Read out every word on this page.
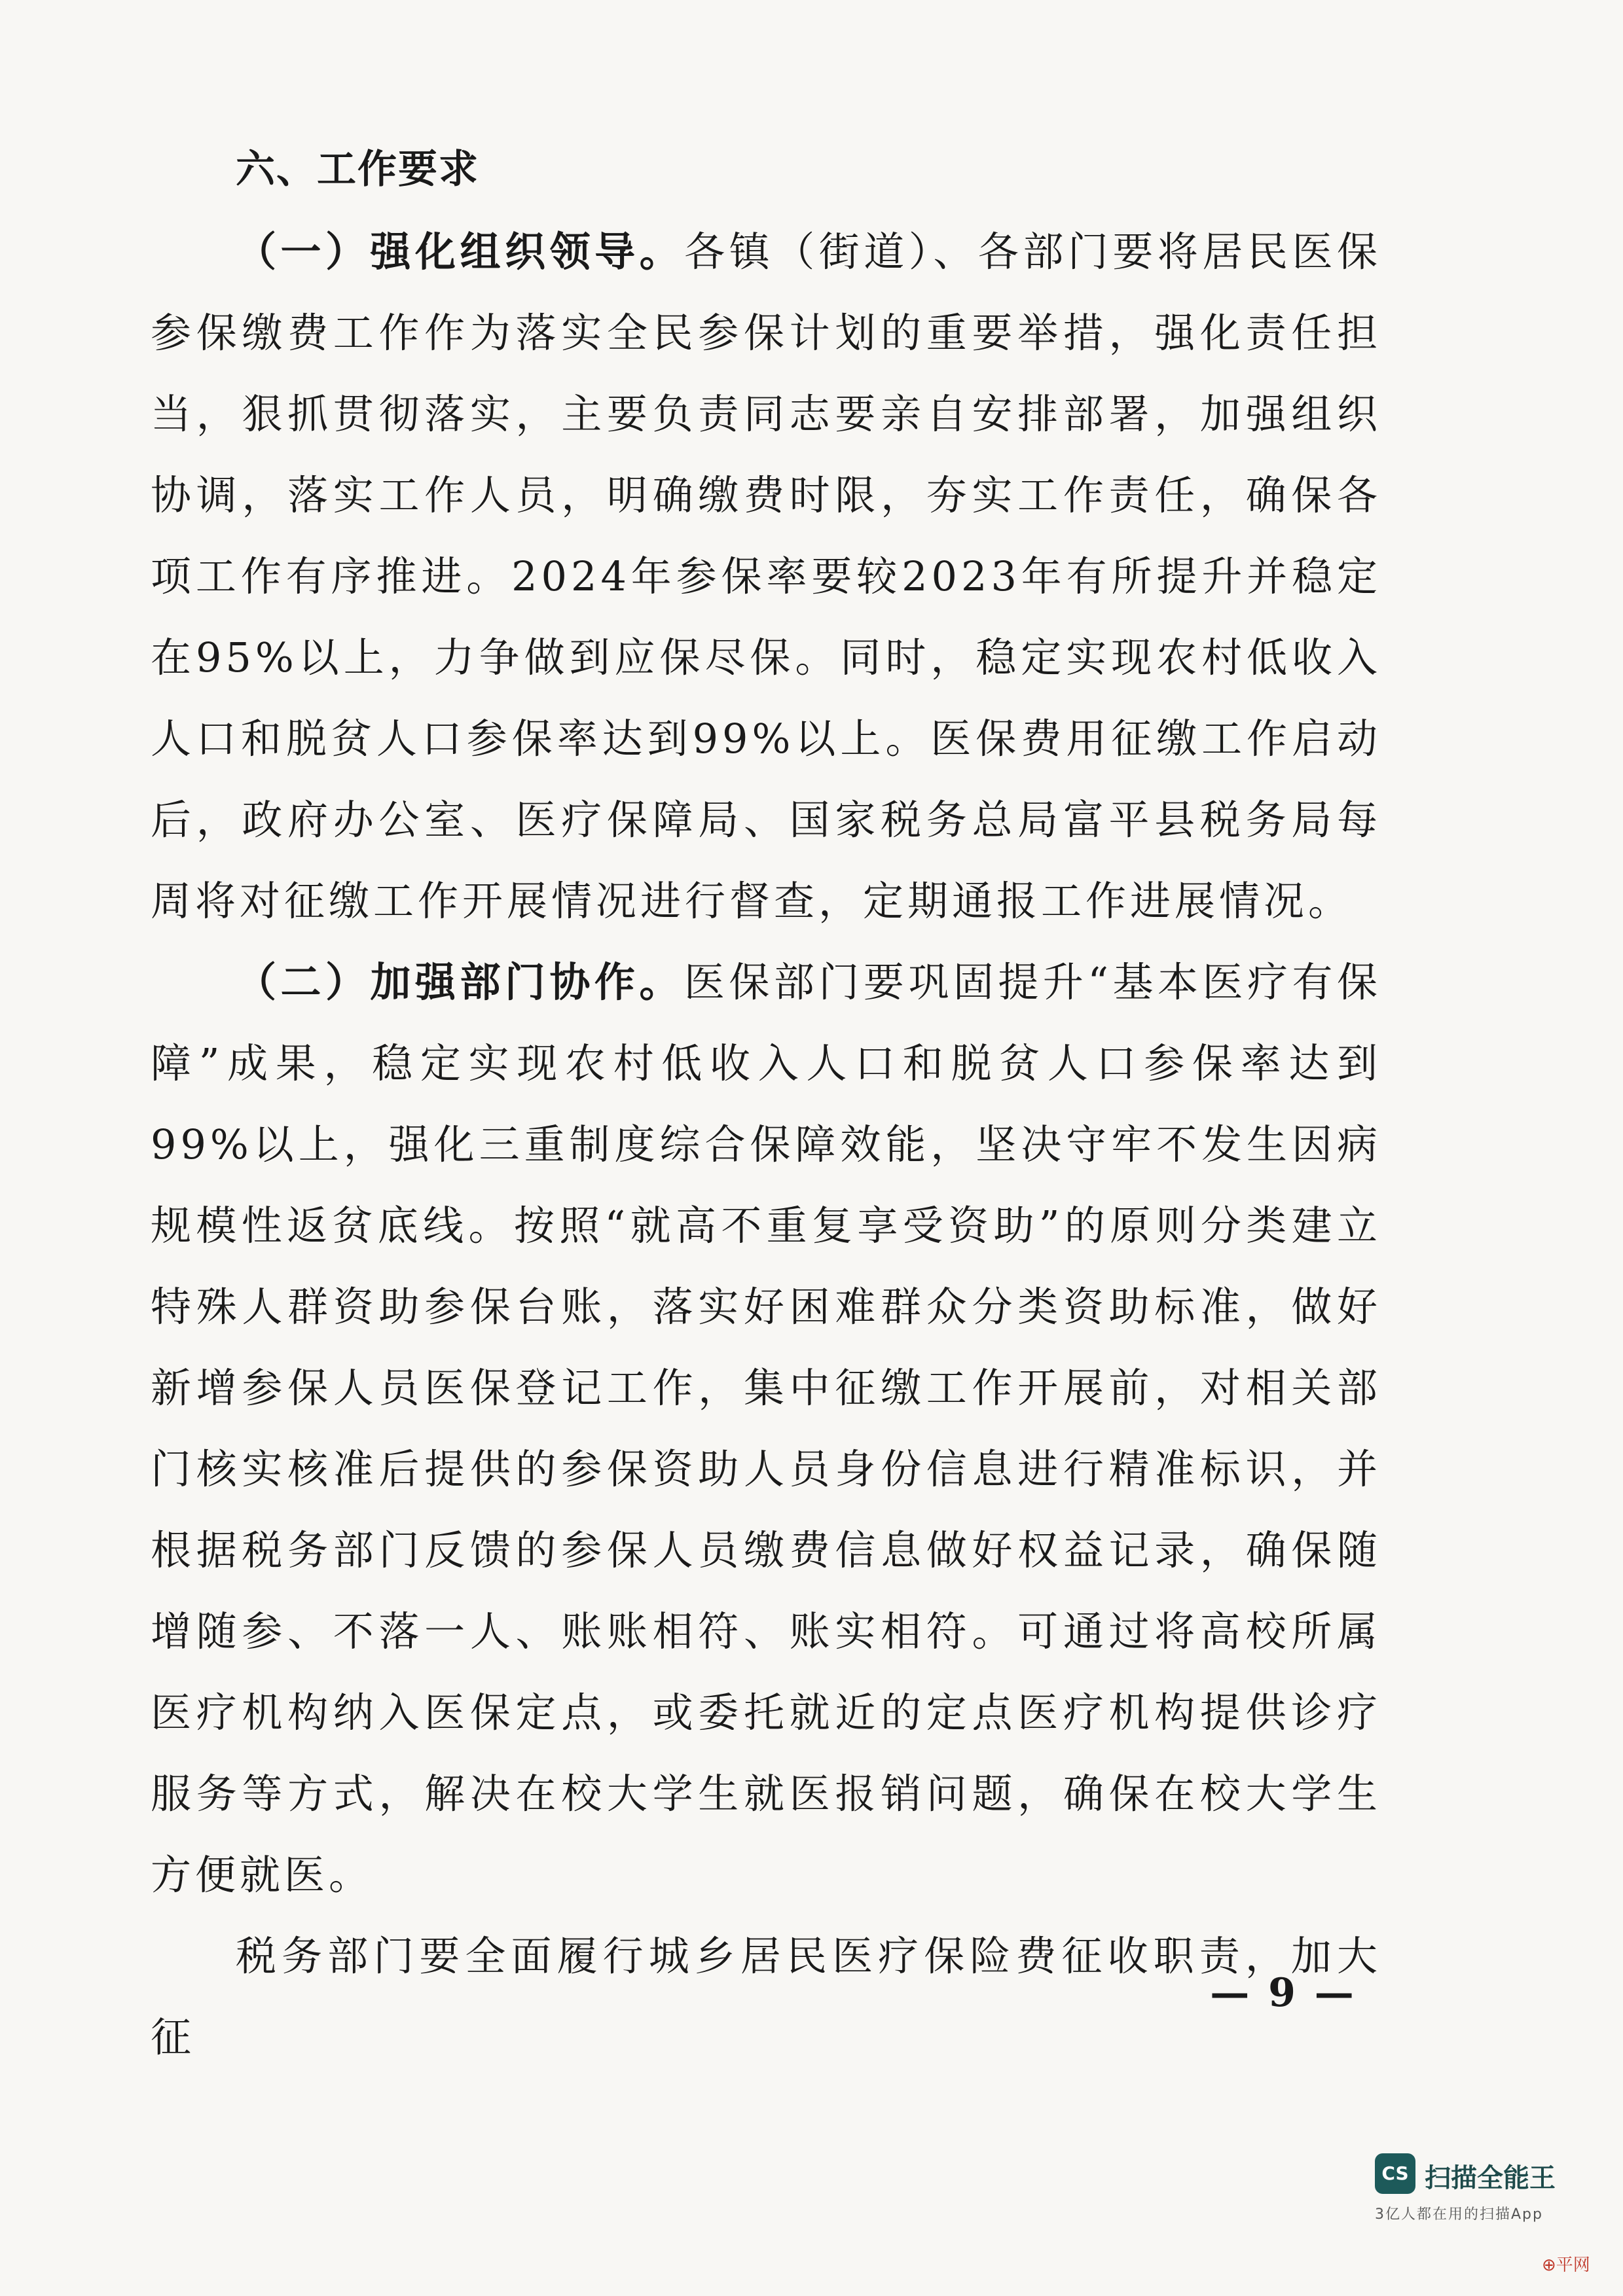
六、工作要求

（一）强化组织领导。各镇（街道）、各部门要将居民医保参保缴费工作作为落实全民参保计划的重要举措，强化责任担当，狠抓贯彻落实，主要负责同志要亲自安排部署，加强组织协调，落实工作人员，明确缴费时限，夯实工作责任，确保各项工作有序推进。2024年参保率要较2023年有所提升并稳定在95%以上，力争做到应保尽保。同时，稳定实现农村低收入人口和脱贫人口参保率达到99%以上。医保费用征缴工作启动后，政府办公室、医疗保障局、国家税务总局富平县税务局每周将对征缴工作开展情况进行督查，定期通报工作进展情况。

（二）加强部门协作。医保部门要巩固提升“基本医疗有保障”成果，稳定实现农村低收入人口和脱贫人口参保率达到99%以上，强化三重制度综合保障效能，坚决守牢不发生因病规模性返贫底线。按照“就高不重复享受资助”的原则分类建立特殊人群资助参保台账，落实好困难群众分类资助标准，做好新增参保人员医保登记工作，集中征缴工作开展前，对相关部门核实核准后提供的参保资助人员身份信息进行精准标识，并根据税务部门反馈的参保人员缴费信息做好权益记录，确保随增随参、不落一人、账账相符、账实相符。可通过将高校所属医疗机构纳入医保定点，或委托就近的定点医疗机构提供诊疗服务等方式，解决在校大学生就医报销问题，确保在校大学生方便就医。

税务部门要全面履行城乡居民医疗保险费征收职责，加大征

— 9 —
CS 扫描全能王
3亿人都在用的扫描App
⊕平网
